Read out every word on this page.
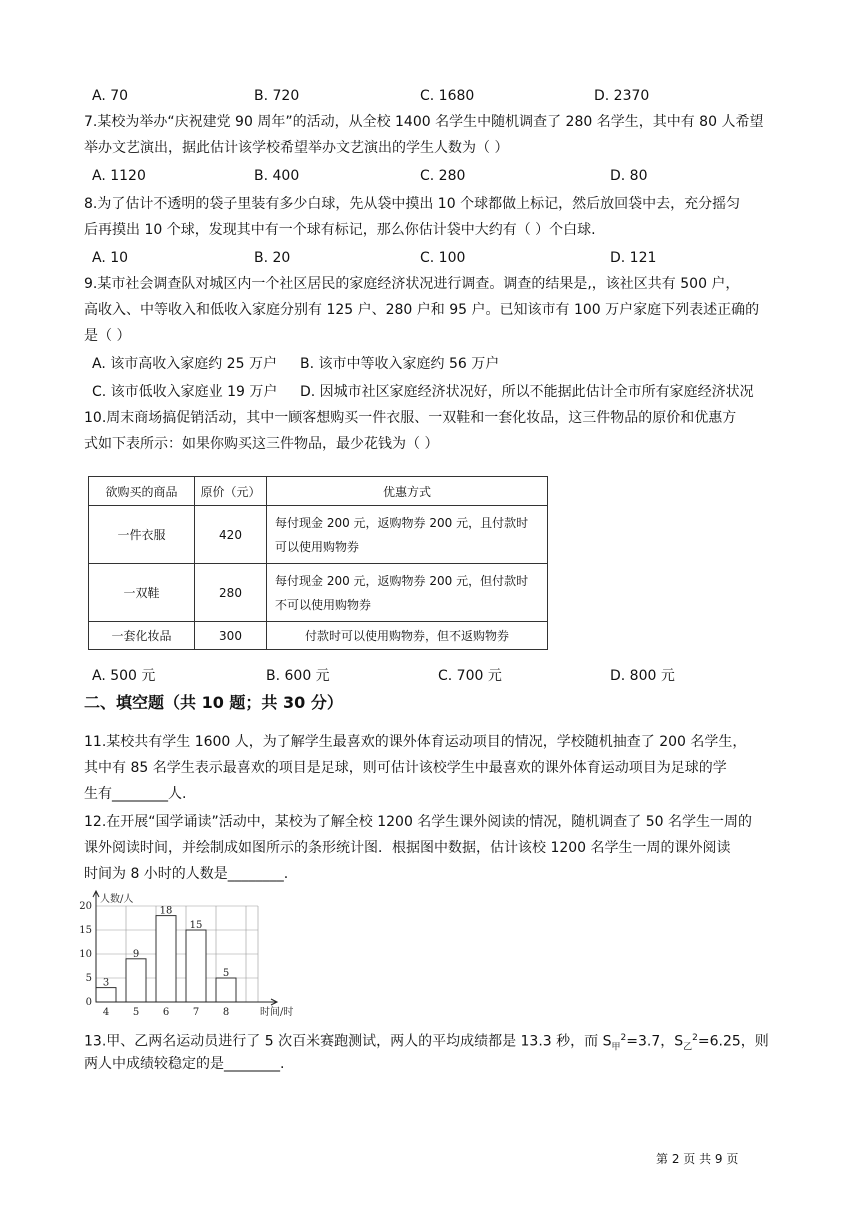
A. 70	B. 720	C. 1680	D. 2370
7.某校为举办“庆祝建党 90 周年”的活动，从全校 1400 名学生中随机调查了 280 名学生，其中有 80 人希望
举办文艺演出，据此估计该学校希望举办文艺演出的学生人数为（ ）
A. 1120	B. 400	C. 280	D. 80
8.为了估计不透明的袋子里装有多少白球，先从袋中摸出 10 个球都做上标记，然后放回袋中去，充分摇匀
后再摸出 10 个球，发现其中有一个球有标记，那么你估计袋中大约有（ ）个白球.
A. 10	B. 20	C. 100	D. 121
9.某市社会调查队对城区内一个社区居民的家庭经济状况进行调查。调查的结果是,，该社区共有 500 户，
高收入、中等收入和低收入家庭分别有 125 户、280 户和 95 户。已知该市有 100 万户家庭下列表述正确的
是（ ）
A. 该市高收入家庭约 25 万户 B. 该市中等收入家庭约 56 万户
C. 该市低收入家庭业 19 万户 D. 因城市社区家庭经济状况好，所以不能据此估计全市所有家庭经济状况
10.周末商场搞促销活动，其中一顾客想购买一件衣服、一双鞋和一套化妆品，这三件物品的原价和优惠方
式如下表所示：如果你购买这三件物品，最少花钱为（ ）
欲购买的商品	原价（元）	优惠方式
一件衣服	420	每付现金 200 元，返购物券 200 元，且付款时
可以使用购物券

一双鞋	280	每付现金 200 元，返购物券 200 元，但付款时
不可以使用购物券

一套化妆品	300	付款时可以使用购物券，但不返购物券
A. 500 元	B. 600 元	C. 700 元	D. 800 元
二、填空题（共 10 题；共 30 分）
11.某校共有学生 1600 人，为了解学生最喜欢的课外体育运动项目的情况，学校随机抽查了 200 名学生，
其中有 85 名学生表示最喜欢的项目是足球，则可估计该校学生中最喜欢的课外体育运动项目为足球的学
生有________人.
12.在开展“国学诵读”活动中，某校为了解全校 1200 名学生课外阅读的情况，随机调查了 50 名学生一周的
课外阅读时间，并绘制成如图所示的条形统计图．根据图中数据，估计该校 1200 名学生一周的课外阅读
时间为 8 小时的人数是________.
0
5
10
15
20
3
4
9
5
18
6
15
7
5
8
人数/人
时间/时
13.甲、乙两名运动员进行了 5 次百米赛跑测试，两人的平均成绩都是 13.3 秒，而 $S_甲^2=3.7$，$S_乙^2=6.25$，则
两人中成绩较稳定的是________.
第 2 页 共 9 页
